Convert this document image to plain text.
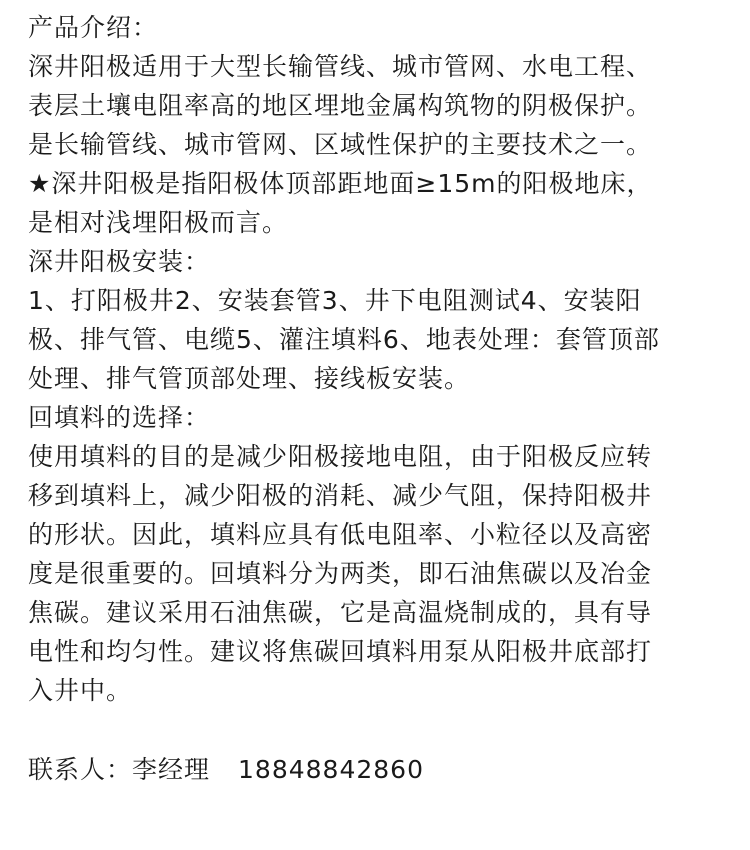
产品介绍：
深井阳极适用于大型长输管线、城市管网、水电工程、
表层土壤电阻率高的地区埋地金属构筑物的阴极保护。
是长输管线、城市管网、区域性保护的主要技术之一。
★深井阳极是指阳极体顶部距地面≥15m的阳极地床，
是相对浅埋阳极而言。
深井阳极安装：
1、打阳极井2、安装套管3、井下电阻测试4、安装阳
极、排气管、电缆5、灌注填料6、地表处理：套管顶部
处理、排气管顶部处理、接线板安装。
回填料的选择：
使用填料的目的是减少阳极接地电阻，由于阳极反应转
移到填料上，减少阳极的消耗、减少气阻，保持阳极井
的形状。因此，填料应具有低电阻率、小粒径以及高密
度是很重要的。回填料分为两类，即石油焦碳以及冶金
焦碳。建议采用石油焦碳，它是高温烧制成的，具有导
电性和均匀性。建议将焦碳回填料用泵从阳极井底部打
入井中。
联系人：李经理 18848842860
